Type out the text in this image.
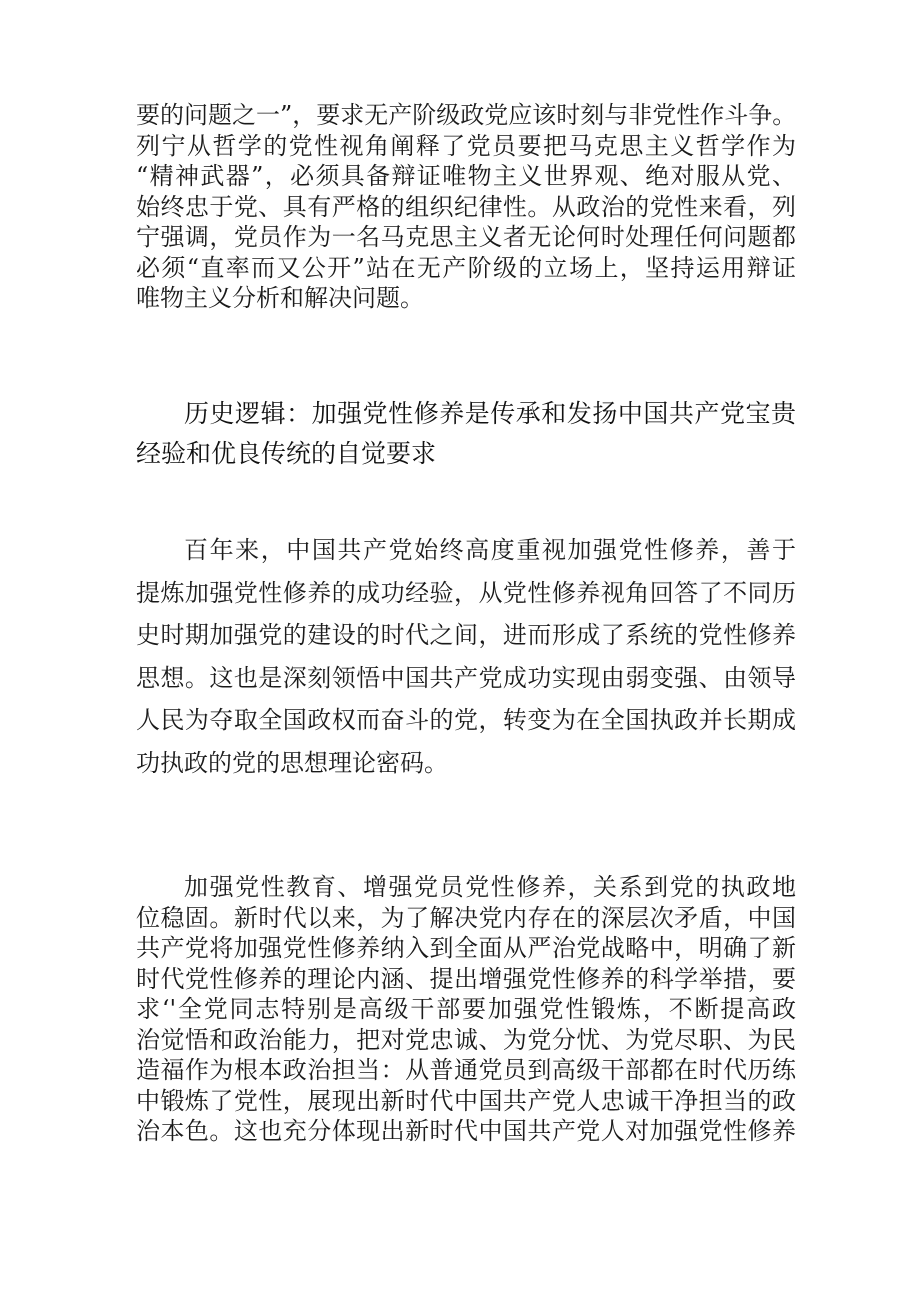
要的问题之一”，要求无产阶级政党应该时刻与非党性作斗争。
列宁从哲学的党性视角阐释了党员要把马克思主义哲学作为
“精神武器”，必须具备辩证唯物主义世界观、绝对服从党、
始终忠于党、具有严格的组织纪律性。从政治的党性来看，列
宁强调，党员作为一名马克思主义者无论何时处理任何问题都
必须“直率而又公开”站在无产阶级的立场上，坚持运用辩证
唯物主义分析和解决问题。
历史逻辑：加强党性修养是传承和发扬中国共产党宝贵
经验和优良传统的自觉要求
百年来，中国共产党始终高度重视加强党性修养，善于
提炼加强党性修养的成功经验，从党性修养视角回答了不同历
史时期加强党的建设的时代之间，进而形成了系统的党性修养
思想。这也是深刻领悟中国共产党成功实现由弱变强、由领导
人民为夺取全国政权而奋斗的党，转变为在全国执政并长期成
功执政的党的思想理论密码。
加强党性教育、增强党员党性修养，关系到党的执政地
位稳固。新时代以来，为了解决党内存在的深层次矛盾，中国
共产党将加强党性修养纳入到全面从严治党战略中，明确了新
时代党性修养的理论内涵、提出增强党性修养的科学举措，要
求‘'全党同志特别是高级干部要加强党性锻炼，不断提高政
治觉悟和政治能力，把对党忠诚、为党分忧、为党尽职、为民
造福作为根本政治担当：从普通党员到高级干部都在时代历练
中锻炼了党性，展现出新时代中国共产党人忠诚干净担当的政
治本色。这也充分体现出新时代中国共产党人对加强党性修养
